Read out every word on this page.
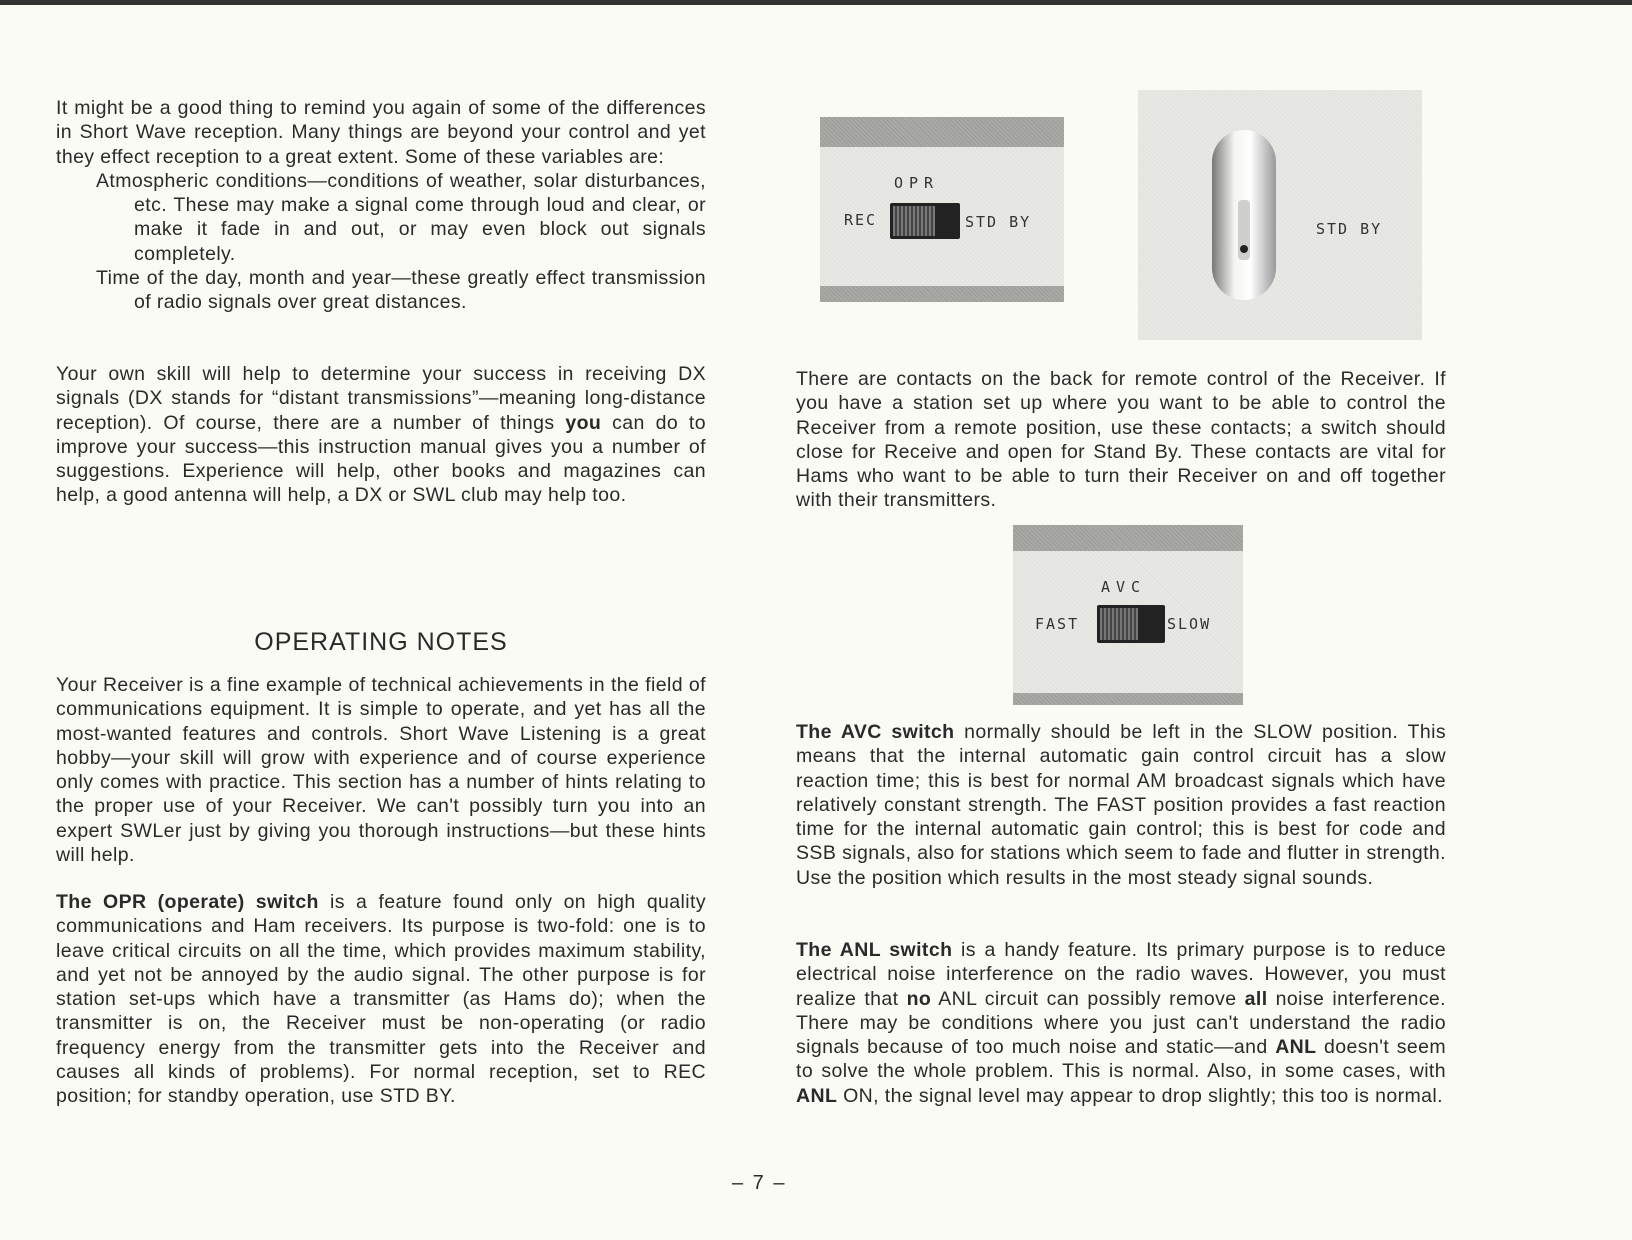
It might be a good thing to remind you again of some of the differences in Short Wave reception. Many things are beyond your control and yet they effect reception to a great extent. Some of these variables are:

Atmospheric conditions—conditions of weather, solar disturbances, etc. These may make a signal come through loud and clear, or make it fade in and out, or may even block out signals completely.

Time of the day, month and year—these greatly effect transmission of radio signals over great distances.

Your own skill will help to determine your success in receiving DX signals (DX stands for “distant transmissions”—meaning long-distance reception). Of course, there are a number of things you can do to improve your success—this instruction manual gives you a number of suggestions. Experience will help, other books and magazines can help, a good antenna will help, a DX or SWL club may help too.
OPERATING NOTES
Your Receiver is a fine example of technical achievements in the field of communications equipment. It is simple to operate, and yet has all the most-wanted features and controls. Short Wave Listening is a great hobby—your skill will grow with experience and of course experience only comes with practice. This section has a number of hints relating to the proper use of your Receiver. We can't possibly turn you into an expert SWLer just by giving you thorough instructions—but these hints will help.
The OPR (operate) switch is a feature found only on high quality communications and Ham receivers. Its purpose is two-fold: one is to leave critical circuits on all the time, which provides maximum stability, and yet not be annoyed by the audio signal. The other purpose is for station set-ups which have a transmitter (as Hams do); when the transmitter is on, the Receiver must be non-operating (or radio frequency energy from the transmitter gets into the Receiver and causes all kinds of problems). For normal reception, set to REC position; for standby operation, use STD BY.
OPR
REC	STD BY	STD BY
There are contacts on the back for remote control of the Receiver. If you have a station set up where you want to be able to control the Receiver from a remote position, use these contacts; a switch should close for Receive and open for Stand By. These contacts are vital for Hams who want to be able to turn their Receiver on and off together with their transmitters.
AVC
FAST	SLOW
The AVC switch normally should be left in the SLOW position. This means that the internal automatic gain control circuit has a slow reaction time; this is best for normal AM broadcast signals which have relatively constant strength. The FAST position provides a fast reaction time for the internal automatic gain control; this is best for code and SSB signals, also for stations which seem to fade and flutter in strength. Use the position which results in the most steady signal sounds.
The ANL switch is a handy feature. Its primary purpose is to reduce electrical noise interference on the radio waves. However, you must realize that no ANL circuit can possibly remove all noise interference. There may be conditions where you just can't understand the radio signals because of too much noise and static—and ANL doesn't seem to solve the whole problem. This is normal. Also, in some cases, with ANL ON, the signal level may appear to drop slightly; this too is normal.
– 7 –
